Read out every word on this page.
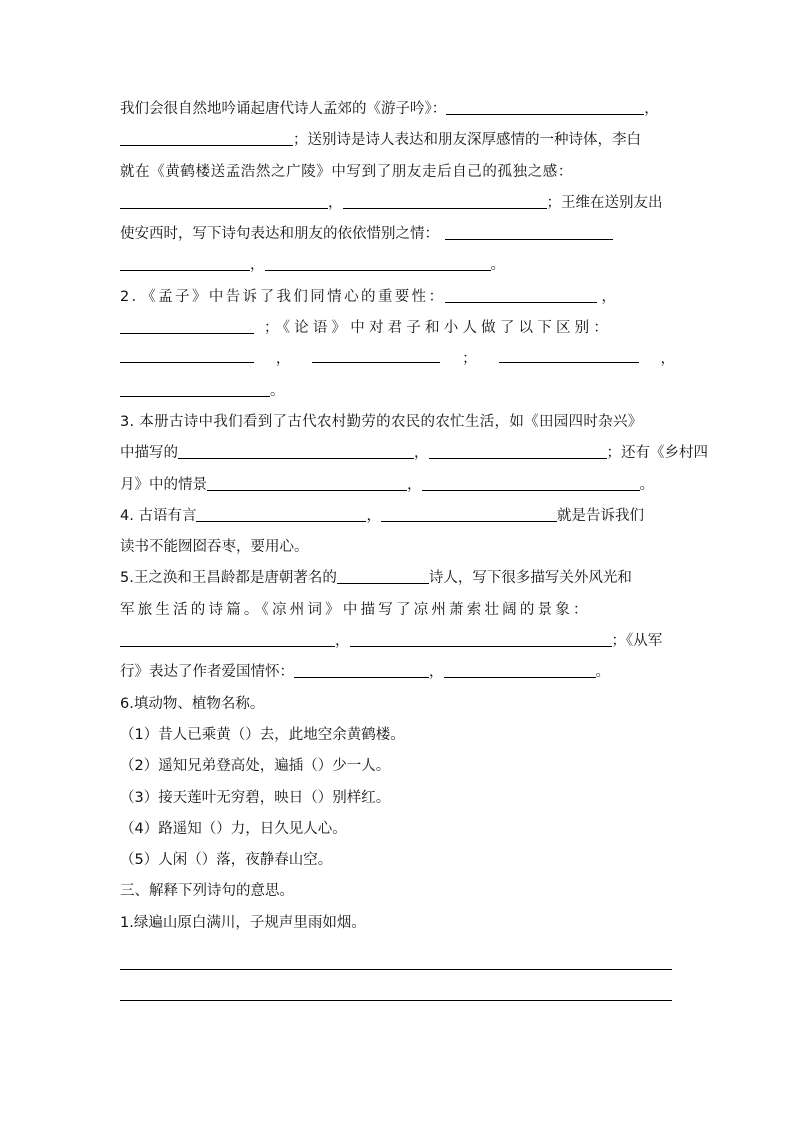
我们会很自然地吟诵起唐代诗人孟郊的《游子吟》：	，
；送别诗是诗人表达和朋友深厚感情的一种诗体，李白
就在《黄鹤楼送孟浩然之广陵》中写到了朋友走后自己的孤独之感：
，	；王维在送别友出
使安西时，写下诗句表达和朋友的依依惜别之情：
，	。
2．《孟子》中告诉了我们同情心的重要性：	，
；《论语》中对君子和小人做了以下区别：
，	；	，
。
3. 本册古诗中我们看到了古代农村勤劳的农民的农忙生活，如《田园四时杂兴》
中描写的	，	；还有《乡村四
月》中的情景	，	。
4. 古语有言	，	就是告诉我们
读书不能囫囵吞枣，要用心。
5.王之涣和王昌龄都是唐朝著名的	诗人，写下很多描写关外风光和
军旅生活的诗篇。《凉州词》中描写了凉州萧索壮阔的景象：
，	；《从军
行》表达了作者爱国情怀：	，	。
6.填动物、植物名称。
（1）昔人已乘黄（）去，此地空余黄鹤楼。
（2）遥知兄弟登高处，遍插（）少一人。
（3）接天莲叶无穷碧，映日（）别样红。
（4）路遥知（）力，日久见人心。
（5）人闲（）落，夜静春山空。
三、解释下列诗句的意思。
1.绿遍山原白满川，子规声里雨如烟。
